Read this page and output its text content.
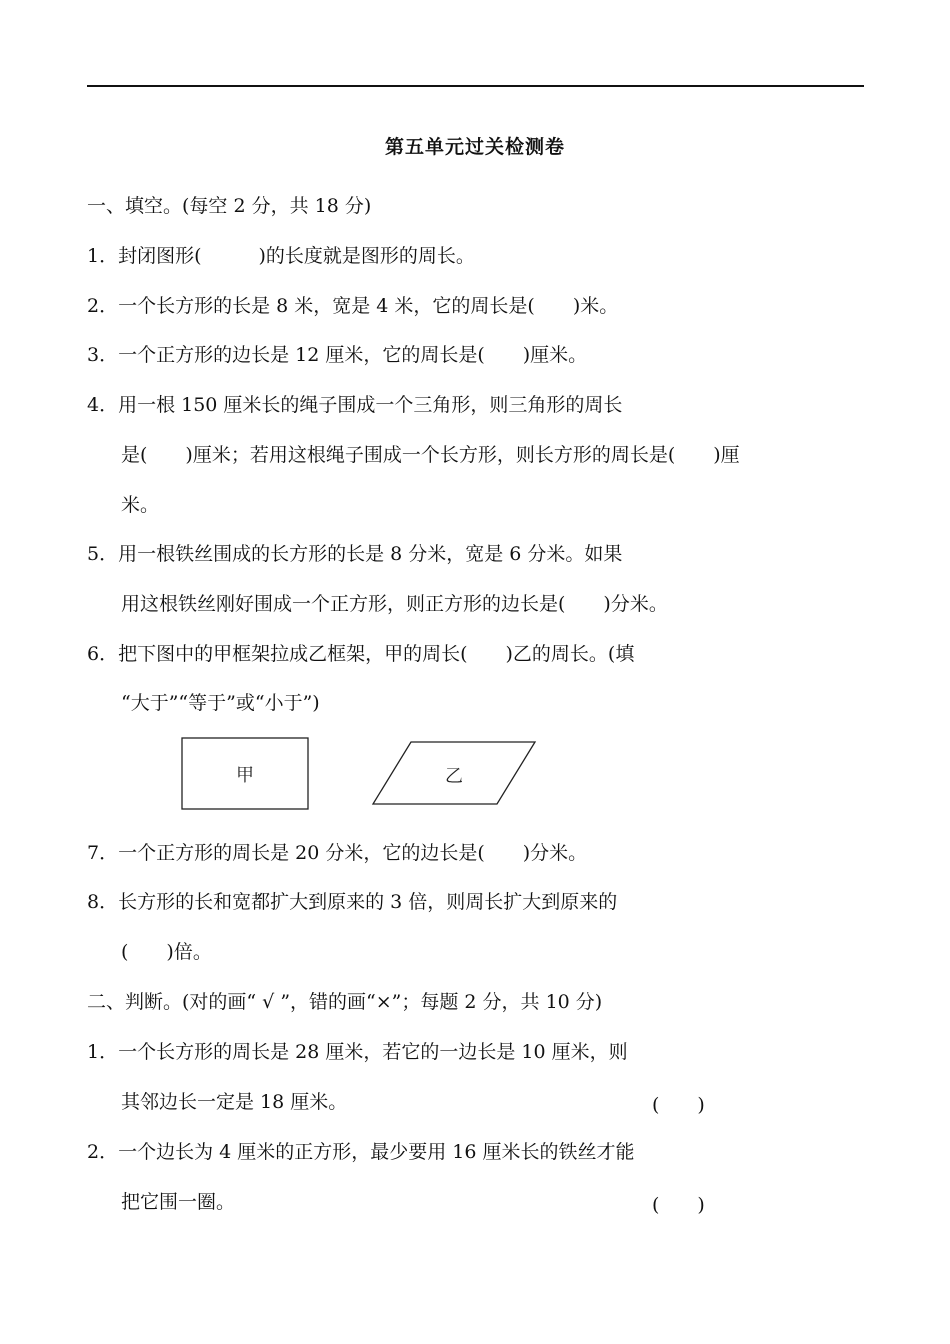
第五单元过关检测卷
一、填空。(每空 2 分，共 18 分)
1．封闭图形(　　　)的长度就是图形的周长。
2．一个长方形的长是 8 米，宽是 4 米，它的周长是(　　)米。
3．一个正方形的边长是 12 厘米，它的周长是(　　)厘米。
4．用一根 150 厘米长的绳子围成一个三角形，则三角形的周长
是(　　)厘米；若用这根绳子围成一个长方形，则长方形的周长是(　　)厘
米。
5．用一根铁丝围成的长方形的长是 8 分米，宽是 6 分米。如果
用这根铁丝刚好围成一个正方形，则正方形的边长是(　　)分米。
6．把下图中的甲框架拉成乙框架，甲的周长(　　)乙的周长。(填
“大于”“等于”或“小于”)
甲	乙
7．一个正方形的周长是 20 分米，它的边长是(　　)分米。
8．长方形的长和宽都扩大到原来的 3 倍，则周长扩大到原来的
(　　)倍。
二、判断。(对的画“ √ ”，错的画“×”；每题 2 分，共 10 分)
1．一个长方形的周长是 28 厘米，若它的一边长是 10 厘米，则
其邻边长一定是 18 厘米。	(　　)
2．一个边长为 4 厘米的正方形，最少要用 16 厘米长的铁丝才能
把它围一圈。	(　　)
